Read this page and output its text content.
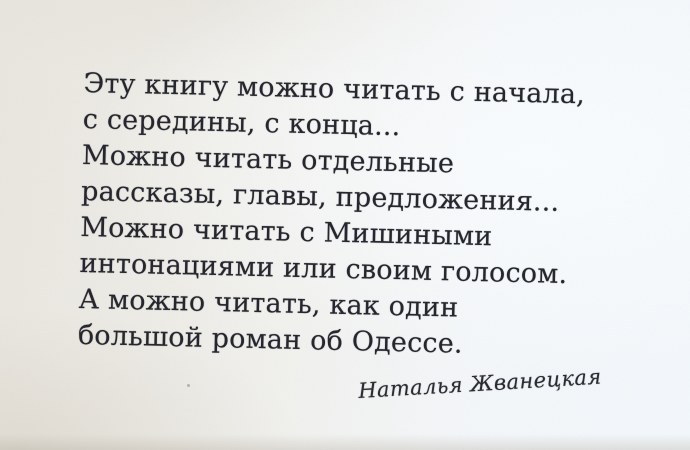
Эту книгу можно читать с начала,
с середины, с конца...
Можно читать отдельные
рассказы, главы, предложения...
Можно читать с Мишиными
интонациями или своим голосом.
А можно читать, как один
большой роман об Одессе.
Наталья Жванецкая
